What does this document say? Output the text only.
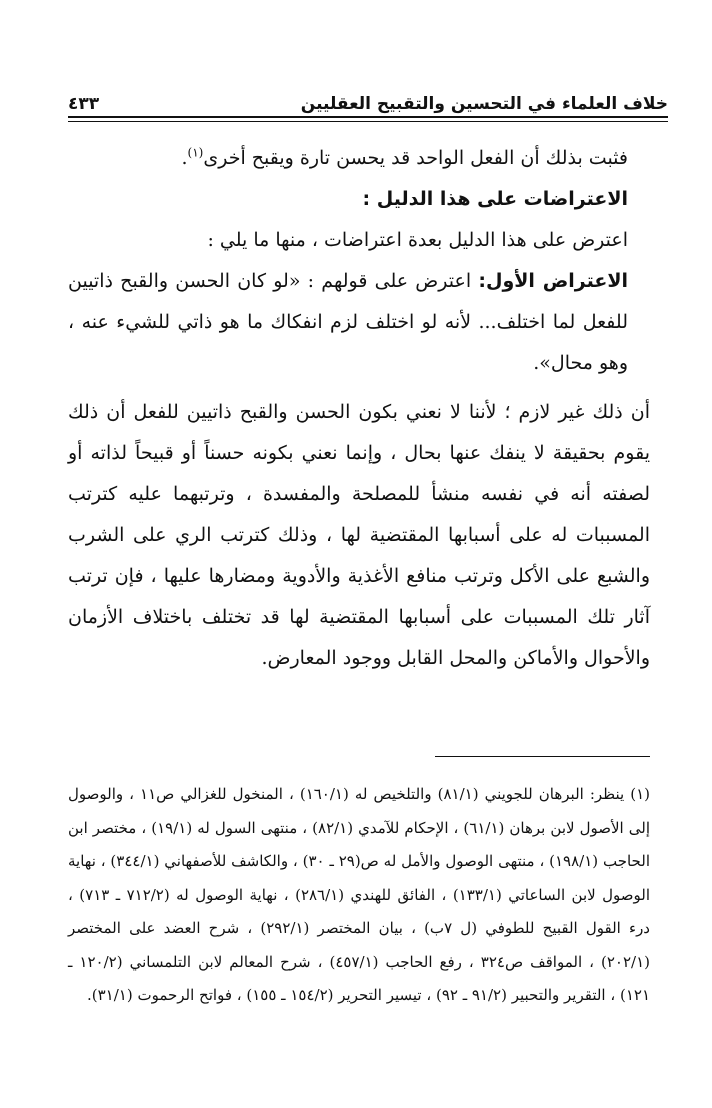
خلاف العلماء في التحسين والتقبيح العقليين
٤٣٣

فثبت بذلك أن الفعل الواحد قد يحسن تارة ويقبح أخرى$^{(١)}$.

الاعتراضات على هذا الدليل :

اعترض على هذا الدليل بعدة اعتراضات ، منها ما يلي :

الاعتراض الأول: اعترض على قولهم : «لو كان الحسن والقبح ذاتيين للفعل لما اختلف... لأنه لو اختلف لزم انفكاك ما هو ذاتي للشيء عنه ، وهو محال».

أن ذلك غير لازم ؛ لأننا لا نعني بكون الحسن والقبح ذاتيين للفعل أن ذلك يقوم بحقيقة لا ينفك عنها بحال ، وإنما نعني بكونه حسناً أو قبيحاً لذاته أو لصفته أنه في نفسه منشأ للمصلحة والمفسدة ، وترتبهما عليه كترتب المسببات له على أسبابها المقتضية لها ، وذلك كترتب الري على الشرب والشبع على الأكل وترتب منافع الأغذية والأدوية ومضارها عليها ، فإن ترتب آثار تلك المسببات على أسبابها المقتضية لها قد تختلف باختلاف الأزمان والأحوال والأماكن والمحل القابل ووجود المعارض.

(١) ينظر: البرهان للجويني (٨١/١) والتلخيص له (١٦٠/١) ، المنخول للغزالي ص١١ ، والوصول إلى الأصول لابن برهان (٦١/١) ، الإحكام للآمدي (٨٢/١) ، منتهى السول له (١٩/١) ، مختصر ابن الحاجب (١٩٨/١) ، منتهى الوصول والأمل له ص(٢٩ ـ ٣٠) ، والكاشف للأصفهاني (٣٤٤/١) ، نهاية الوصول لابن الساعاتي (١٣٣/١) ، الفائق للهندي (٢٨٦/١) ، نهاية الوصول له (٧١٢/٢ ـ ٧١٣) ، درء القول القبيح للطوفي (ل ٧ب) ، بيان المختصر (٢٩٢/١) ، شرح العضد على المختصر (٢٠٢/١) ، المواقف ص٣٢٤ ، رفع الحاجب (٤٥٧/١) ، شرح المعالم لابن التلمساني (١٢٠/٢ ـ ١٢١) ، التقرير والتحبير (٩١/٢ ـ ٩٢) ، تيسير التحرير (١٥٤/٢ ـ ١٥٥) ، فواتح الرحموت (٣١/١).
